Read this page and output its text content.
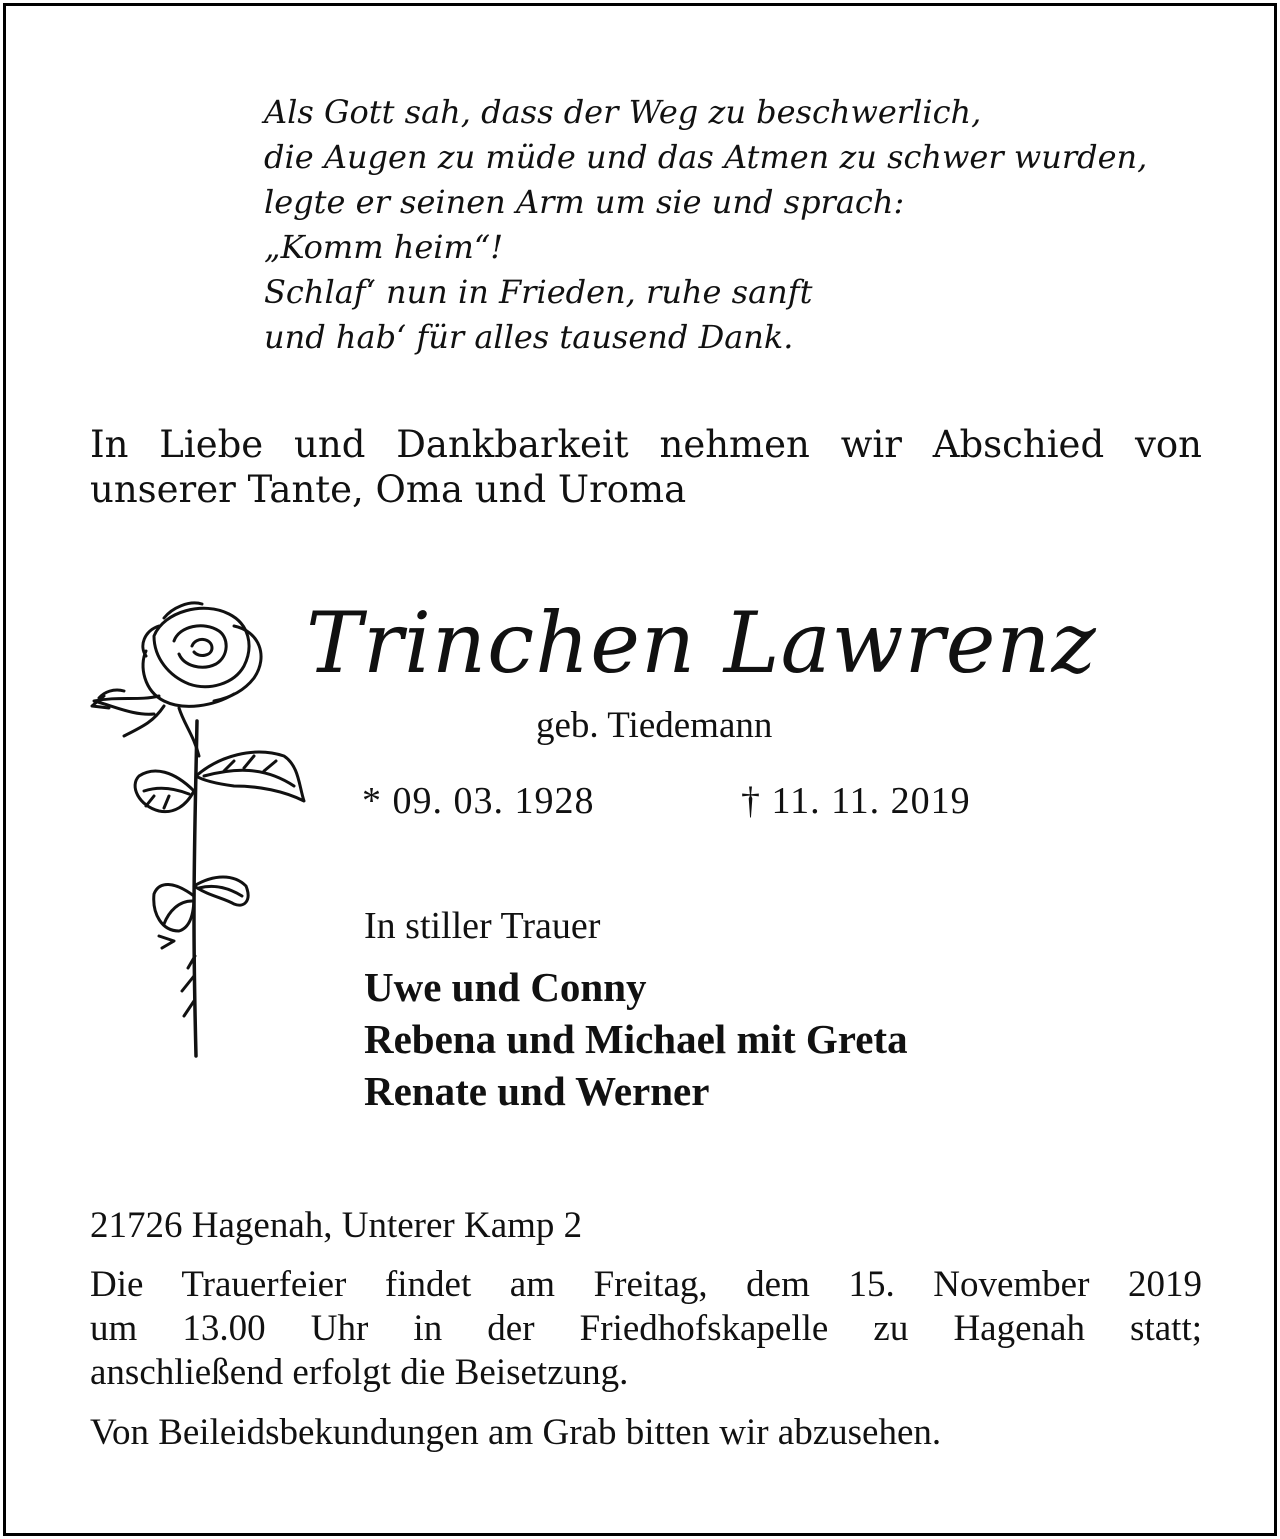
Als Gott sah, dass der Weg zu beschwerlich,
die Augen zu müde und das Atmen zu schwer wurden,
legte er seinen Arm um sie und sprach:
„Komm heim“!
Schlaf‘ nun in Frieden, ruhe sanft
und hab‘ für alles tausend Dank.
In Liebe und Dankbarkeit nehmen wir Abschied von
unserer Tante, Oma und Uroma
Trinchen Lawrenz
geb. Tiedemann
* 09. 03. 1928	† 11. 11. 2019
In stiller Trauer
Uwe und Conny
Rebena und Michael mit Greta
Renate und Werner
21726 Hagenah, Unterer Kamp 2
Die Trauerfeier findet am Freitag, dem 15. November 2019
um 13.00 Uhr in der Friedhofskapelle zu Hagenah statt;
anschließend erfolgt die Beisetzung.
Von Beileidsbekundungen am Grab bitten wir abzusehen.
